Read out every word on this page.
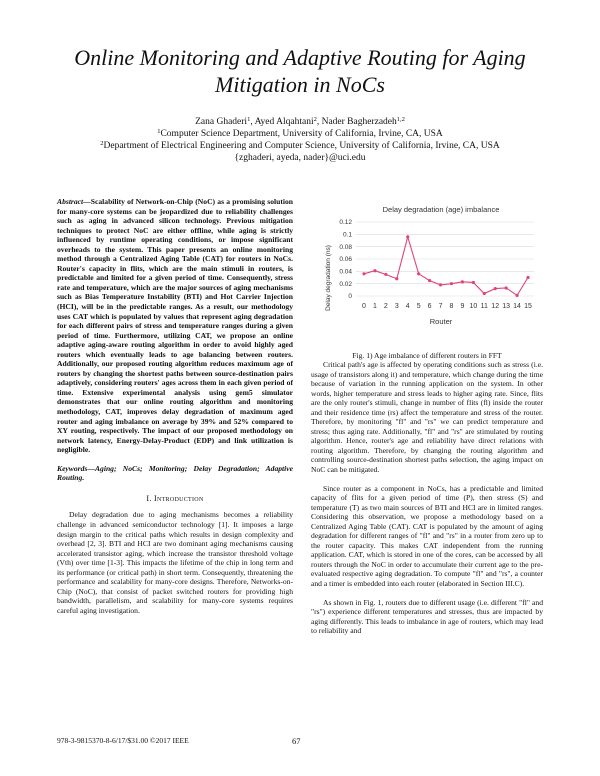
Online Monitoring and Adaptive Routing for Aging
Mitigation in NoCs
Zana Ghaderi$^1$, Ayed Alqahtani$^2$, Nader Bagherzadeh$^{1,2}$
$^1$Computer Science Department, University of California, Irvine, CA, USA
$^2$Department of Electrical Engineering and Computer Science, University of California, Irvine, CA, USA
{zghaderi, ayeda, nader}@uci.edu
Abstract—Scalability of Network-on-Chip (NoC) as a promising solution for many-core systems can be jeopardized due to reliability challenges such as aging in advanced silicon technology. Previous mitigation techniques to protect NoC are either offline, while aging is strictly influenced by runtime operating conditions, or impose significant overheads to the system. This paper presents an online monitoring method through a Centralized Aging Table (CAT) for routers in NoCs. Router's capacity in flits, which are the main stimuli in routers, is predictable and limited for a given period of time. Consequently, stress rate and temperature, which are the major sources of aging mechanisms such as Bias Temperature Instability (BTI) and Hot Carrier Injection (HCI), will be in the predictable ranges. As a result, our methodology uses CAT which is populated by values that represent aging degradation for each different pairs of stress and temperature ranges during a given period of time. Furthermore, utilizing CAT, we propose an online adaptive aging-aware routing algorithm in order to avoid highly aged routers which eventually leads to age balancing between routers. Additionally, our proposed routing algorithm reduces maximum age of routers by changing the shortest paths between source-destination pairs adaptively, considering routers' ages across them in each given period of time. Extensive experimental analysis using gem5 simulator demonstrates that our online routing algorithm and monitoring methodology, CAT, improves delay degradation of maximum aged router and aging imbalance on average by 39% and 52% compared to XY routing, respectively. The impact of our proposed methodology on network latency, Energy-Delay-Product (EDP) and link utilization is negligible.
Keywords—Aging; NoCs; Monitoring; Delay Degradation; Adaptive Routing.
I. Introduction

Delay degradation due to aging mechanisms becomes a reliability challenge in advanced semiconductor technology [1]. It imposes a large design margin to the critical paths which results in design complexity and overhead [2, 3]. BTI and HCI are two dominant aging mechanisms causing accelerated transistor aging, which increase the transistor threshold voltage (Vth) over time [1-3]. This impacts the lifetime of the chip in long term and its performance (or critical path) in short term. Consequently, threatening the performance and scalability for many-core designs. Therefore, Networks-on-Chip (NoC), that consist of packet switched routers for providing high bandwidth, parallelism, and scalability for many-core systems requires careful aging investigation.

Delay degradation (age) imbalance
Delay degradation (ns)
Router
0
0.02
0.04
0.06
0.08
0.1
0.12
0 1 2 3 4 5 6 7 8 9 10 11 12 13 14 15
Fig. 1) Age imbalance of different routers in FFT

Critical path's age is affected by operating conditions such as stress (i.e. usage of transistors along it) and temperature, which change during the time because of variation in the running application on the system. In other words, higher temperature and stress leads to higher aging rate. Since, flits are the only router's stimuli, change in number of flits (fl) inside the router and their residence time (rs) affect the temperature and stress of the router. Therefore, by monitoring "fl" and "rs" we can predict temperature and stress; thus aging rate. Additionally, "fl" and "rs" are stimulated by routing algorithm. Hence, router's age and reliability have direct relations with routing algorithm. Therefore, by changing the routing algorithm and controlling source-destination shortest paths selection, the aging impact on NoC can be mitigated.

Since router as a component in NoCs, has a predictable and limited capacity of flits for a given period of time (P), then stress (S) and temperature (T) as two main sources of BTI and HCI are in limited ranges. Considering this observation, we propose a methodology based on a Centralized Aging Table (CAT). CAT is populated by the amount of aging degradation for different ranges of "fl" and "rs" in a router from zero up to the router capacity. This makes CAT independent from the running application. CAT, which is stored in one of the cores, can be accessed by all routers through the NoC in order to accumulate their current age to the pre-evaluated respective aging degradation. To compute "fl" and "rs", a counter and a timer is embedded into each router (elaborated in Section III.C).

As shown in Fig. 1, routers due to different usage (i.e. different "fl" and "rs") experience different temperatures and stresses, thus are impacted by aging differently. This leads to imbalance in age of routers, which may lead to reliability and

978-3-9815370-8-6/17/$31.00 ©2017 IEEE	67
